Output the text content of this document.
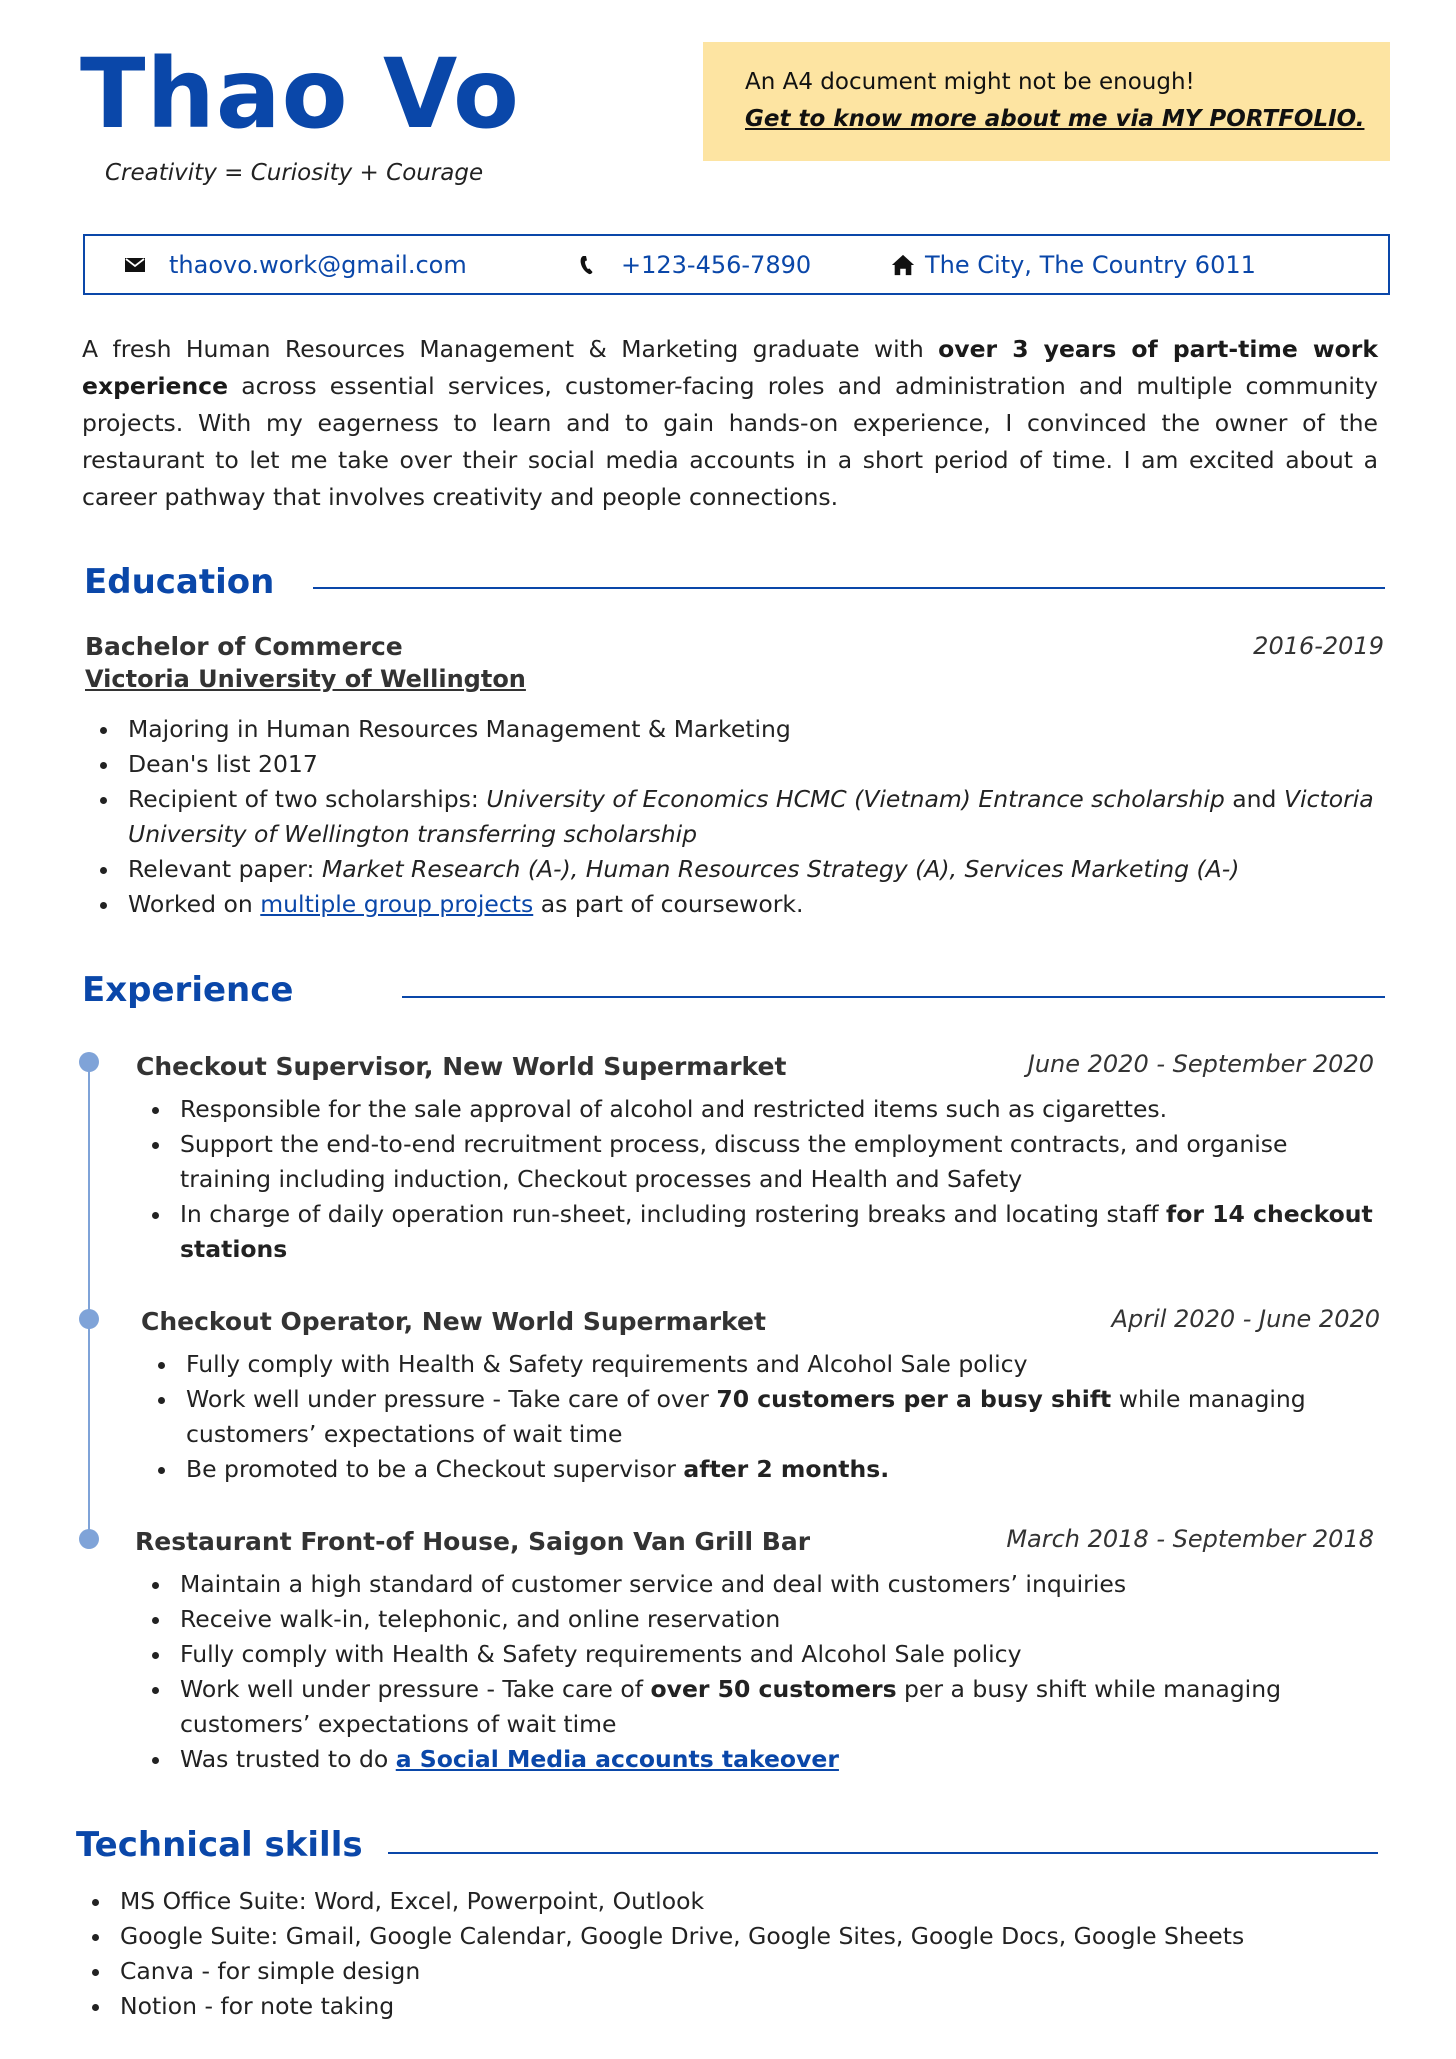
Thao Vo
Creativity = Curiosity + Courage
An A4 document might not be enough!
Get to know more about me via MY PORTFOLIO.
thaovo.work@gmail.com	+123-456-7890	The City, The Country 6011
A fresh Human Resources Management & Marketing graduate with over 3 years of part-time work experience across essential services, customer-facing roles and administration and multiple community projects. With my eagerness to learn and to gain hands-on experience, I convinced the owner of the restaurant to let me take over their social media accounts in a short period of time. I am excited about a career pathway that involves creativity and people connections.
Education
Bachelor of Commerce	2016-2019
Victoria University of Wellington
Majoring in Human Resources Management & Marketing
Dean's list 2017
Recipient of two scholarships: University of Economics HCMC (Vietnam) Entrance scholarship and Victoria University of Wellington transferring scholarship
Relevant paper: Market Research (A-), Human Resources Strategy (A), Services Marketing (A-)
Worked on multiple group projects as part of coursework.
Experience
Checkout Supervisor, New World Supermarket	June 2020 - September 2020
Responsible for the sale approval of alcohol and restricted items such as cigarettes.
Support the end-to-end recruitment process, discuss the employment contracts, and organise training including induction, Checkout processes and Health and Safety
In charge of daily operation run-sheet, including rostering breaks and locating staff for 14 checkout stations
Checkout Operator, New World Supermarket	April 2020 - June 2020
Fully comply with Health & Safety requirements and Alcohol Sale policy
Work well under pressure - Take care of over 70 customers per a busy shift while managing customers’ expectations of wait time
Be promoted to be a Checkout supervisor after 2 months.
Restaurant Front-of House, Saigon Van Grill Bar	March 2018 - September 2018
Maintain a high standard of customer service and deal with customers’ inquiries
Receive walk-in, telephonic, and online reservation
Fully comply with Health & Safety requirements and Alcohol Sale policy
Work well under pressure - Take care of over 50 customers per a busy shift while managing customers’ expectations of wait time
Was trusted to do a Social Media accounts takeover
Technical skills
MS Office Suite: Word, Excel, Powerpoint, Outlook
Google Suite: Gmail, Google Calendar, Google Drive, Google Sites, Google Docs, Google Sheets
Canva - for simple design
Notion - for note taking
